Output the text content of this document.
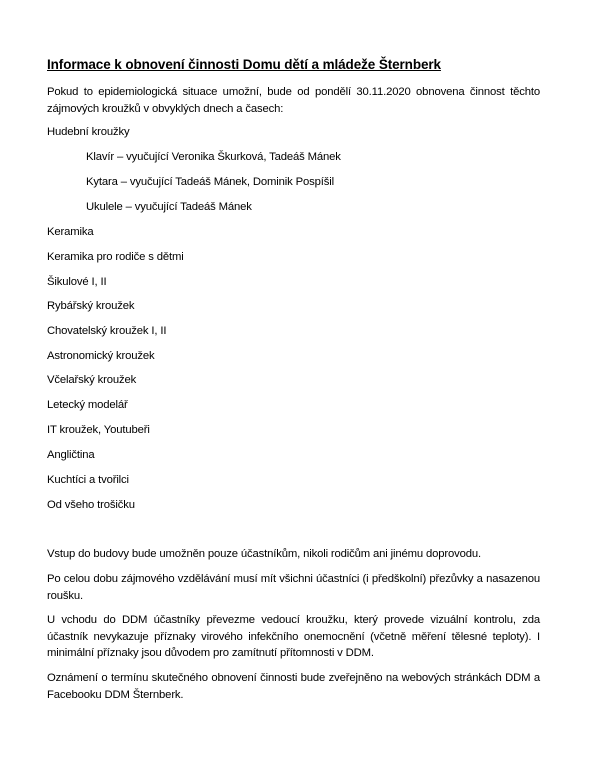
Informace k obnovení činnosti Domu dětí a mládeže Šternberk
Pokud to epidemiologická situace umožní, bude od pondělí 30.11.2020 obnovena činnost těchto zájmových kroužků v obvyklých dnech a časech:
Hudební kroužky
Klavír – vyučující Veronika Škurková, Tadeáš Mánek
Kytara – vyučující Tadeáš Mánek, Dominik Pospíšil
Ukulele – vyučující Tadeáš Mánek
Keramika
Keramika pro rodiče s dětmi
Šikulové I, II
Rybářský kroužek
Chovatelský kroužek I, II
Astronomický kroužek
Včelařský kroužek
Letecký modelář
IT kroužek, Youtubeři
Angličtina
Kuchtíci a tvořilci
Od všeho trošičku
Vstup do budovy bude umožněn pouze účastníkům, nikoli rodičům ani jinému doprovodu.
Po celou dobu zájmového vzdělávání musí mít všichni účastníci (i předškolní) přezůvky a nasazenou roušku.
U vchodu do DDM účastníky převezme vedoucí kroužku, který provede vizuální kontrolu, zda účastník nevykazuje příznaky virového infekčního onemocnění (včetně měření tělesné teploty). I minimální příznaky jsou důvodem pro zamítnutí přítomnosti v DDM.
Oznámení o termínu skutečného obnovení činnosti bude zveřejněno na webových stránkách DDM a Facebooku DDM Šternberk.
